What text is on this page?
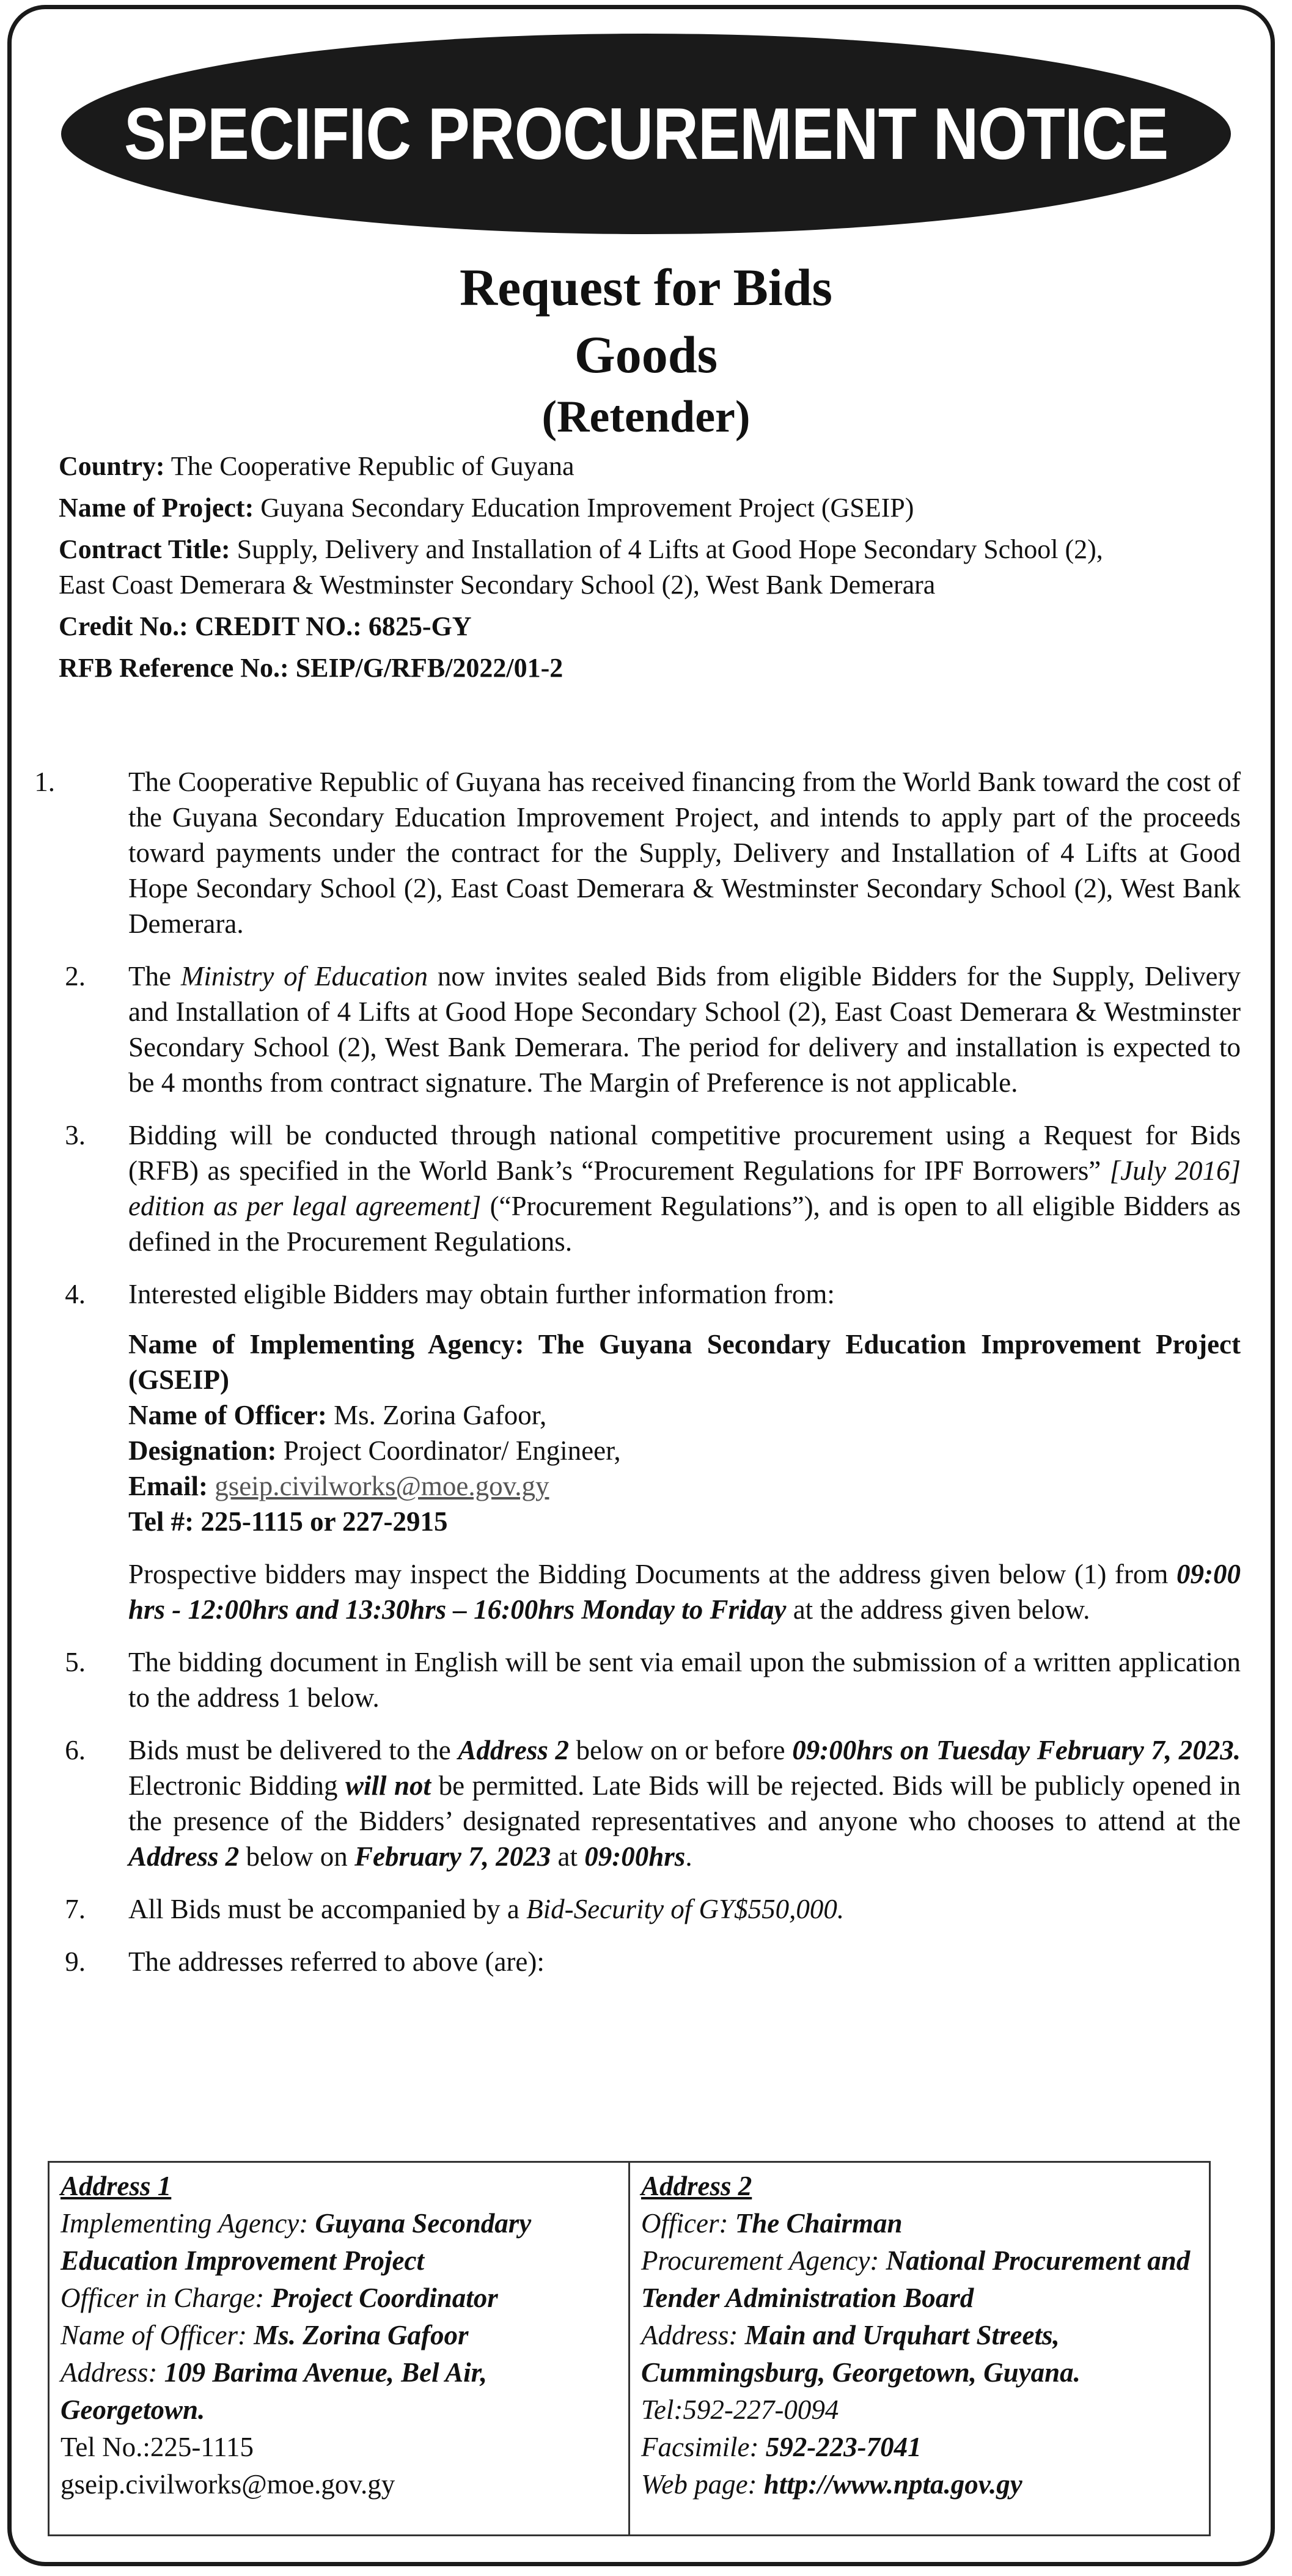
SPECIFIC PROCUREMENT NOTICE
Request for Bids
Goods
(Retender)
Country: The Cooperative Republic of Guyana
Name of Project: Guyana Secondary Education Improvement Project (GSEIP)
Contract Title: Supply, Delivery and Installation of 4 Lifts at Good Hope Secondary School (2),
East Coast Demerara & Westminster Secondary School (2), West Bank Demerara
Credit No.: CREDIT NO.: 6825-GY
RFB Reference No.: SEIP/G/RFB/2022/01-2
1.	The Cooperative Republic of Guyana has received financing from the World Bank toward the cost of the Guyana Secondary Education Improvement Project, and intends to apply part of the proceeds toward payments under the contract for the Supply, Delivery and Installation of 4 Lifts at Good Hope Secondary School (2), East Coast Demerara & Westminster Secondary School (2), West Bank Demerara.
2. The Ministry of Education now invites sealed Bids from eligible Bidders for the Supply, Delivery and Installation of 4 Lifts at Good Hope Secondary School (2), East Coast Demerara & Westminster Secondary School (2), West Bank Demerara. The period for delivery and installation is expected to be 4 months from contract signature. The Margin of Preference is not applicable.
3. Bidding will be conducted through national competitive procurement using a Request for Bids (RFB) as specified in the World Bank’s “Procurement Regulations for IPF Borrowers” [July 2016] edition as per legal agreement] (“Procurement Regulations”), and is open to all eligible Bidders as defined in the Procurement Regulations.
4. Interested eligible Bidders may obtain further information from:

Name of Implementing Agency: The Guyana Secondary Education Improvement Project (GSEIP)

Name of Officer: Ms. Zorina Gafoor,

Designation: Project Coordinator/ Engineer,

Email: gseip.civilworks@moe.gov.gy

Tel #: 225-1115 or 227-2915

Prospective bidders may inspect the Bidding Documents at the address given below (1) from 09:00 hrs - 12:00hrs and 13:30hrs – 16:00hrs Monday to Friday at the address given below.

5. The bidding document in English will be sent via email upon the submission of a written application to the address 1 below.
6. Bids must be delivered to the Address 2 below on or before 09:00hrs on Tuesday February 7, 2023. Electronic Bidding will not be permitted. Late Bids will be rejected. Bids will be publicly opened in the presence of the Bidders’ designated representatives and anyone who chooses to attend at the Address 2 below on February 7, 2023 at 09:00hrs.
7. All Bids must be accompanied by a Bid-Security of GY$550,000.
9. The addresses referred to above (are):
Address 1
Implementing Agency: Guyana Secondary Education Improvement Project
Officer in Charge: Project Coordinator
Name of Officer: Ms. Zorina Gafoor
Address: 109 Barima Avenue, Bel Air, Georgetown.
Tel No.:225-1115
gseip.civilworks@moe.gov.gy
Address 2
Officer: The Chairman
Procurement Agency: National Procurement and Tender Administration Board
Address: Main and Urquhart Streets, Cummingsburg, Georgetown, Guyana.
Tel:592-227-0094
Facsimile: 592-223-7041
Web page: http://www.npta.gov.gy
